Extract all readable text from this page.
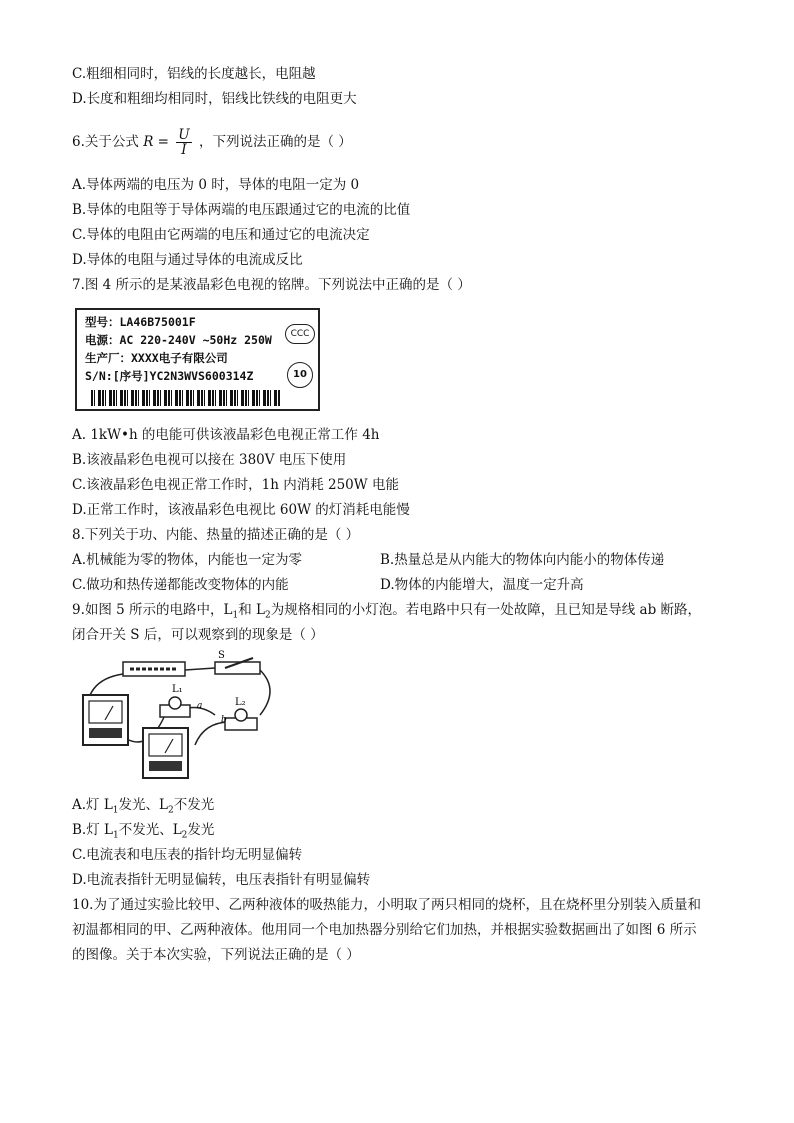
C.粗细相同时，铝线的长度越长，电阻越
D.长度和粗细均相同时，铝线比铁线的电阻更大
6.关于公式 $R = \frac{U}{I}$ ，下列说法正确的是（ ）
A.导体两端的电压为 0 时，导体的电阻一定为 0
B.导体的电阻等于导体两端的电压跟通过它的电流的比值
C.导体的电阻由它两端的电压和通过它的电流决定
D.导体的电阻与通过导体的电流成反比
7.图 4 所示的是某液晶彩色电视的铭牌。下列说法中正确的是（ ）
型号：LA46B75001F
电源：AC 220-240V ~50Hz 250W
生产厂：XXXX电子有限公司
S/N:[序号]YC2N3WVS600314Z
CCC
10
A. 1kW•h 的电能可供该液晶彩色电视正常工作 4h
B.该液晶彩色电视可以接在 380V 电压下使用
C.该液晶彩色电视正常工作时，1h 内消耗 250W 电能
D.正常工作时，该液晶彩色电视比 60W 的灯消耗电能慢
8.下列关于功、内能、热量的描述正确的是（ ）
A.机械能为零的物体，内能也一定为零	B.热量总是从内能大的物体向内能小的物体传递
C.做功和热传递都能改变物体的内能	D.物体的内能增大，温度一定升高
9.如图 5 所示的电路中，$L_1$和 $L_2$为规格相同的小灯泡。若电路中只有一处故障，且已知是导线 ab 断路，
闭合开关 S 后，可以观察到的现象是（ ）
S
L₁
a	L₂
b
A.灯 $L_1$发光、$L_2$不发光
B.灯 $L_1$不发光、$L_2$发光
C.电流表和电压表的指针均无明显偏转
D.电流表指针无明显偏转，电压表指针有明显偏转
10.为了通过实验比较甲、乙两种液体的吸热能力，小明取了两只相同的烧杯，且在烧杯里分别装入质量和
初温都相同的甲、乙两种液体。他用同一个电加热器分别给它们加热，并根据实验数据画出了如图 6 所示
的图像。关于本次实验，下列说法正确的是（ ）
